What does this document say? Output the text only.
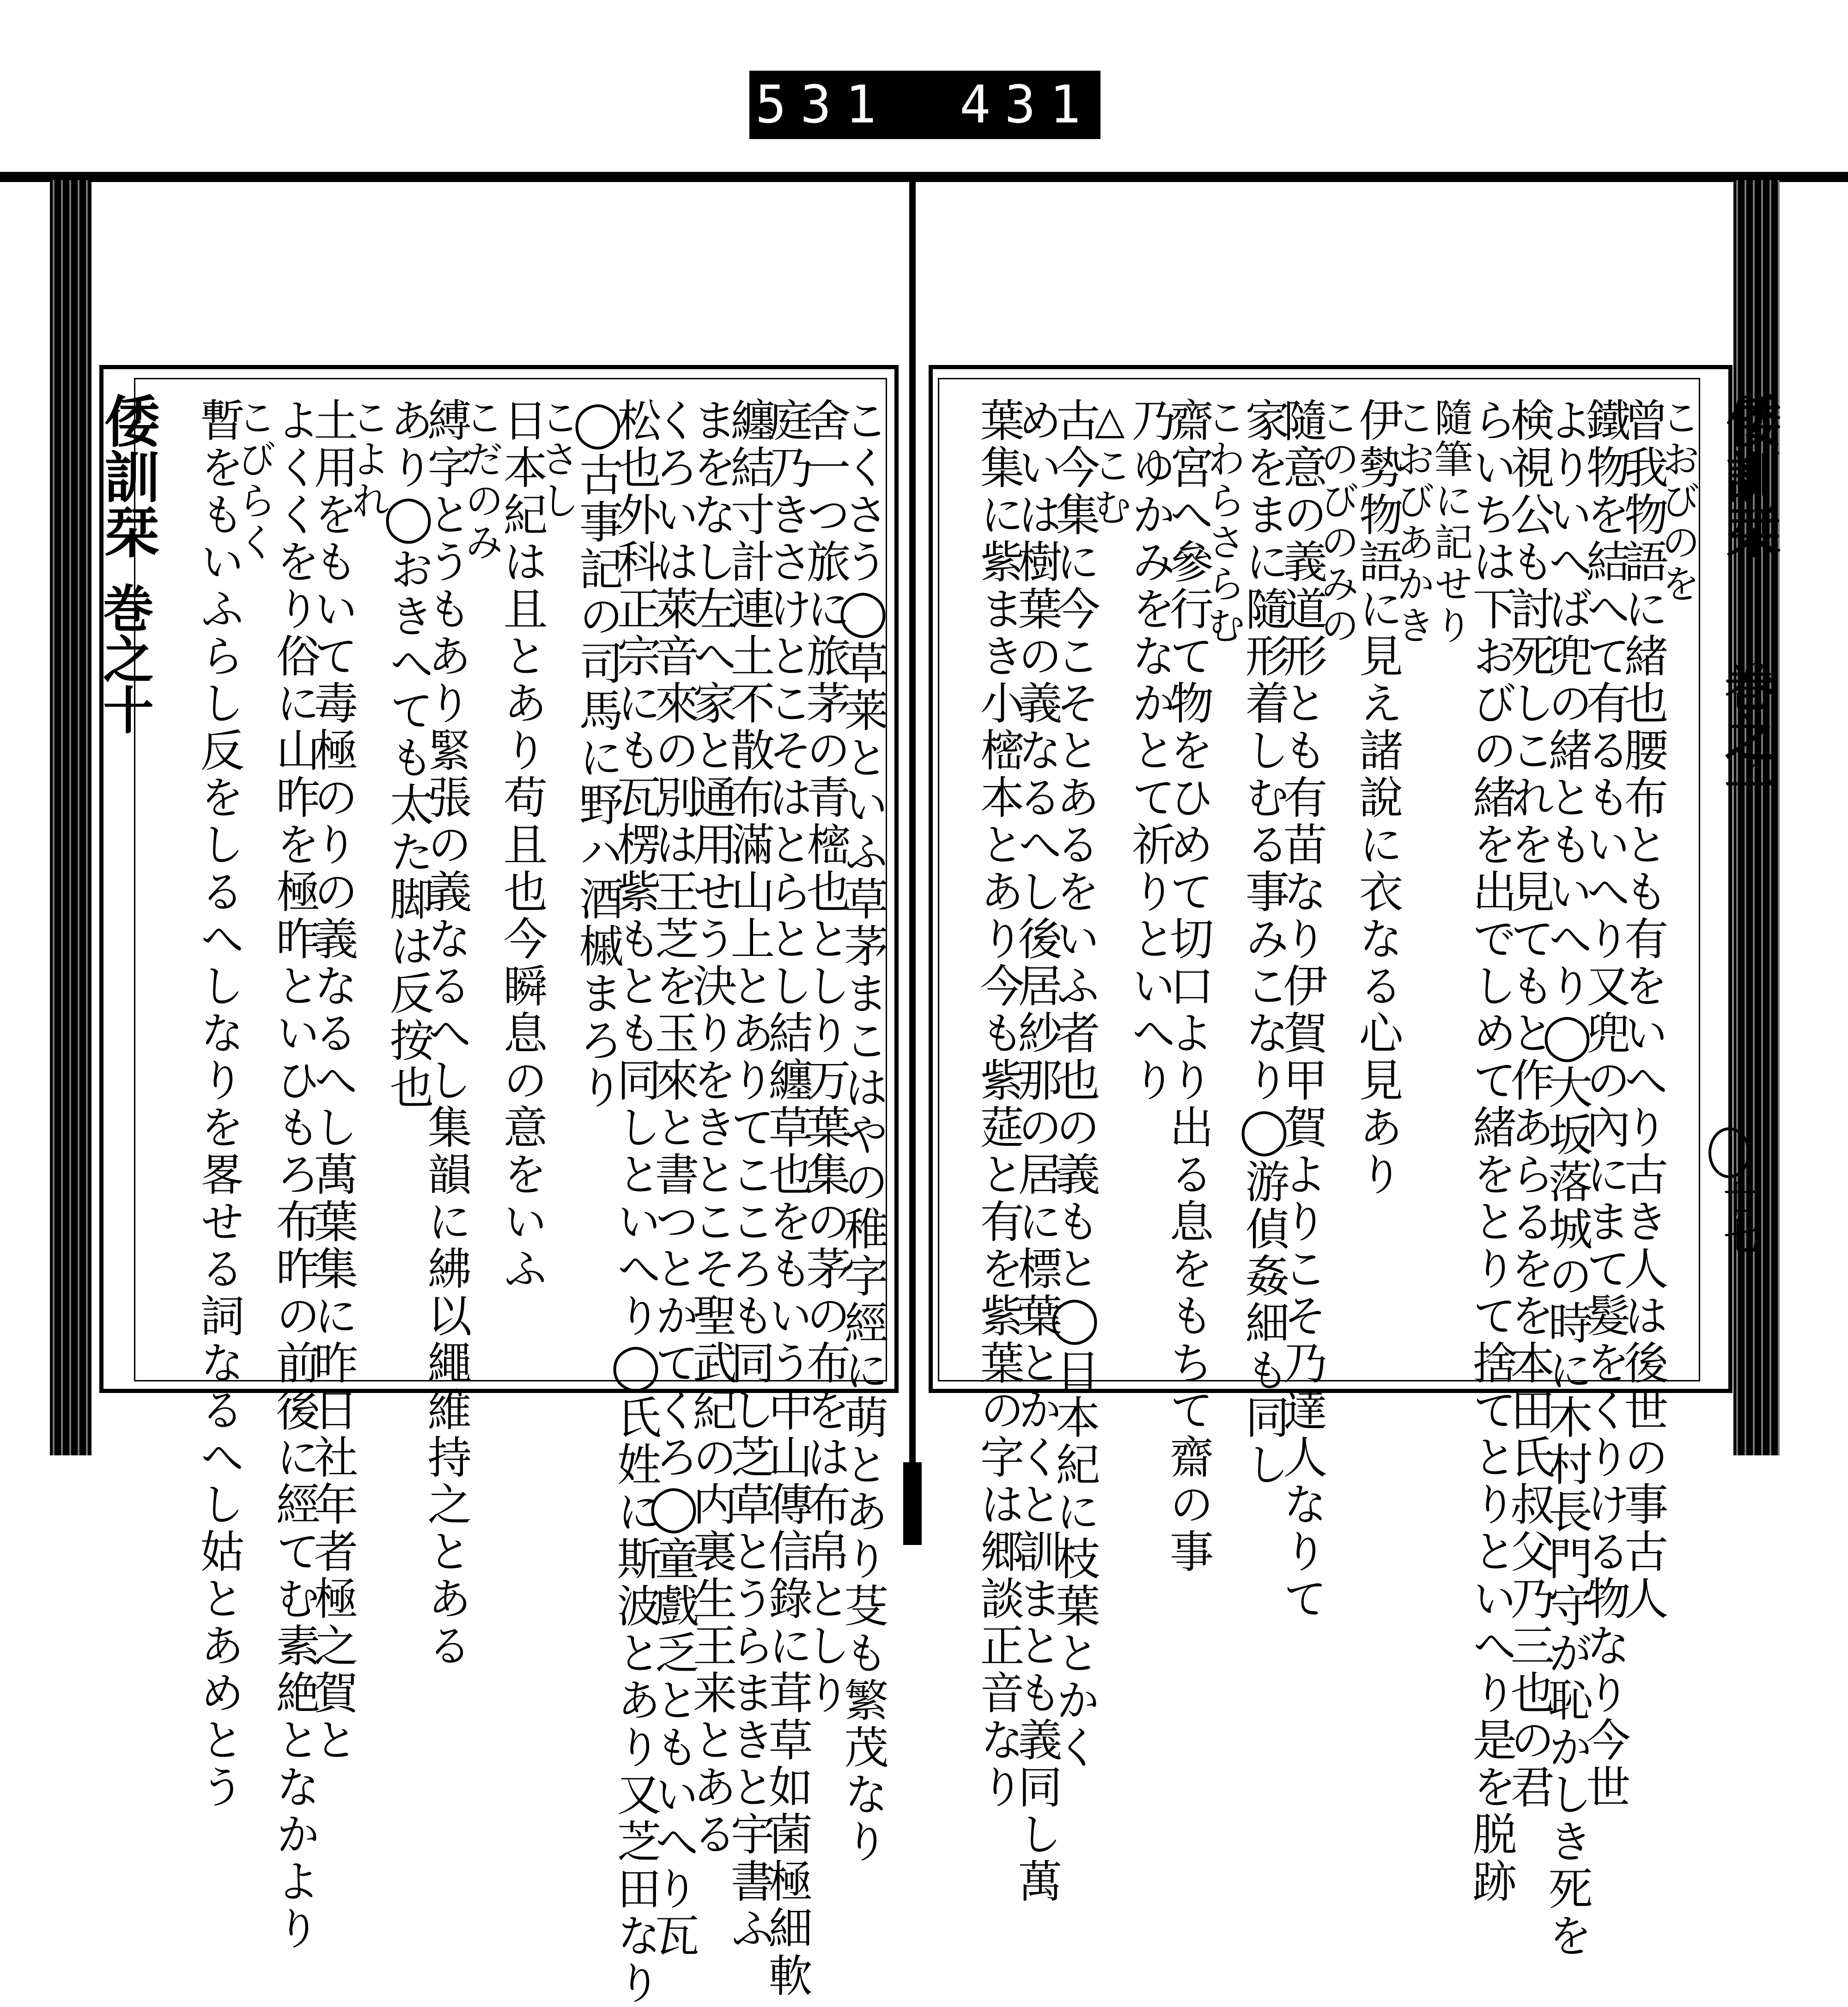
531 431
倭訓栞
巻之十	こくさう◯草莱といふ草茅まこはやの稚字經に萌とあり芟も繁茂なり
舍一つ旅に旅茅の青樒也としり万葉集の茅の布をは布帛としり
庭乃きさけとこそはとらとし結纏草也をもいう中山傳信錄に茸草如菌極細軟
纏結寸計連土不散布滿山上とありてこころも同し芝草とうらまきと宇書ふ
まをなし左へ家と通用せう決りをきとこそ聖武紀の内裏生王来とある
くろいは萊音來の別は王芝を玉來と書つとかてくろ◯童戲乏ともいへり瓦
松也外科正宗にも瓦楞紫もとも同しといへり◯氏姓に斯波とあり又芝田なり
◯古事記の司馬に野ハ酒槭まろり
こさし
日本紀は且とあり苟且也今瞬息の意をいふ
こだのみ
縛字とうもあり緊張の義なるへし集韻に紼以繩維持之とある
あり◯おきへても太た脚は反按也
こよれ
土用をもいて毒極のりの義なるへし萬葉集に昨日社年者極之賀と
よくくをり俗に山昨を極昨といひもろ布昨の前後に經てむ素絶となかより
こびらく
暫をもいふらし反をしるへしなりを畧せる詞なるへし姑とあめとう	倭訓栞
巻之十
廿七
こおびのを
曾我物語に緒也腰布とも有をいへり古き人は後世の事古人
鐵物を結へて有るもいへり又兜の內にまて髮をくりける物なり今世
よりいへば兜の緒ともいへり◯大坂落城の時に木村長門守が恥かしき死を
検視公も討死しこれを見てもと作あらるをを本田氏叔父乃三也の君
らいちは下おびの緒を出でしめて緒をとりて捨てとりといへり是を脱跡
隨筆に記せり
こおびあかき
伊勢物語に見え諸說に衣なる心見あり
このびのみの
隨意の義道形とも有苗なり伊賀甲賀よりこそ乃達人なりて
家をまに隨形着しむる事みこなり◯游偵姦細も同し
こわらさらむ
齋宮へ參行て物をひめて切口より出る息をもちて齋の事
乃ゆかみをなかとて祈りといへり
△こむ
古今集に今こそとあるをいふ者也の義もと◯日本紀に枝葉とかく
めいは樹葉の義なるへし後居紗那の居に標葉とかくと訓まとも義同し萬
葉集に紫まき小樒本とあり今も紫莚と有を紫葉の字は郷談正音なり
